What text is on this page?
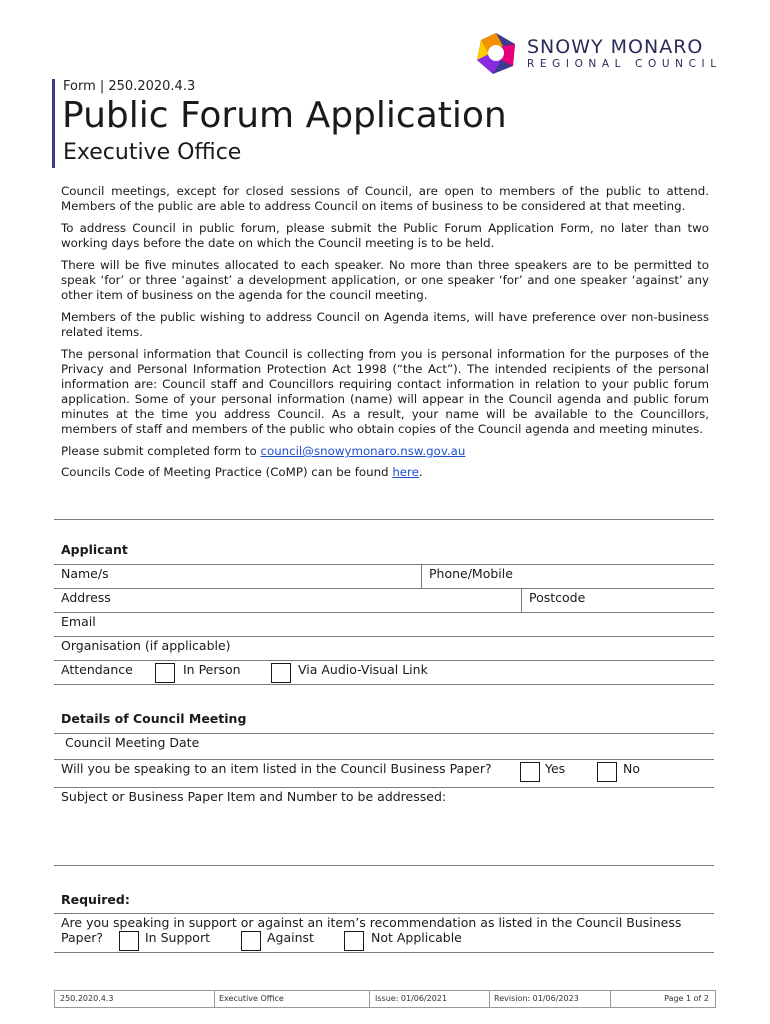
SNOWY MONARO
REGIONAL COUNCIL
Form | 250.2020.4.3
Public Forum Application
Executive Office

Council meetings, except for closed sessions of Council, are open to members of the public to attend. Members of the public are able to address Council on items of business to be considered at that meeting.

To address Council in public forum, please submit the Public Forum Application Form, no later than two working days before the date on which the Council meeting is to be held.

There will be five minutes allocated to each speaker. No more than three speakers are to be permitted to speak ‘for’ or three ‘against’ a development application, or one speaker ‘for’ and one speaker ‘against’ any other item of business on the agenda for the council meeting.

Members of the public wishing to address Council on Agenda items, will have preference over non-business related items.

The personal information that Council is collecting from you is personal information for the purposes of the Privacy and Personal Information Protection Act 1998 (“the Act”). The intended recipients of the personal information are: Council staff and Councillors requiring contact information in relation to your public forum application. Some of your personal information (name) will appear in the Council agenda and public forum minutes at the time you address Council. As a result, your name will be available to the Councillors, members of staff and members of the public who obtain copies of the Council agenda and meeting minutes.

Please submit completed form to council@snowymonaro.nsw.gov.au

Councils Code of Meeting Practice (CoMP) can be found here.

Applicant
Name/s	Phone/Mobile
Address	Postcode
Email
Organisation (if applicable)
Attendance	In Person	Via Audio-Visual Link
Details of Council Meeting
Council Meeting Date
Will you be speaking to an item listed in the Council Business Paper?	Yes	No
Subject or Business Paper Item and Number to be addressed:
Required:
Are you speaking in support or against an item’s recommendation as listed in the Council Business
Paper?	In Support	Against	Not Applicable
250.2020.4.3	Executive Office	Issue: 01/06/2021	Revision: 01/06/2023	Page 1 of 2
